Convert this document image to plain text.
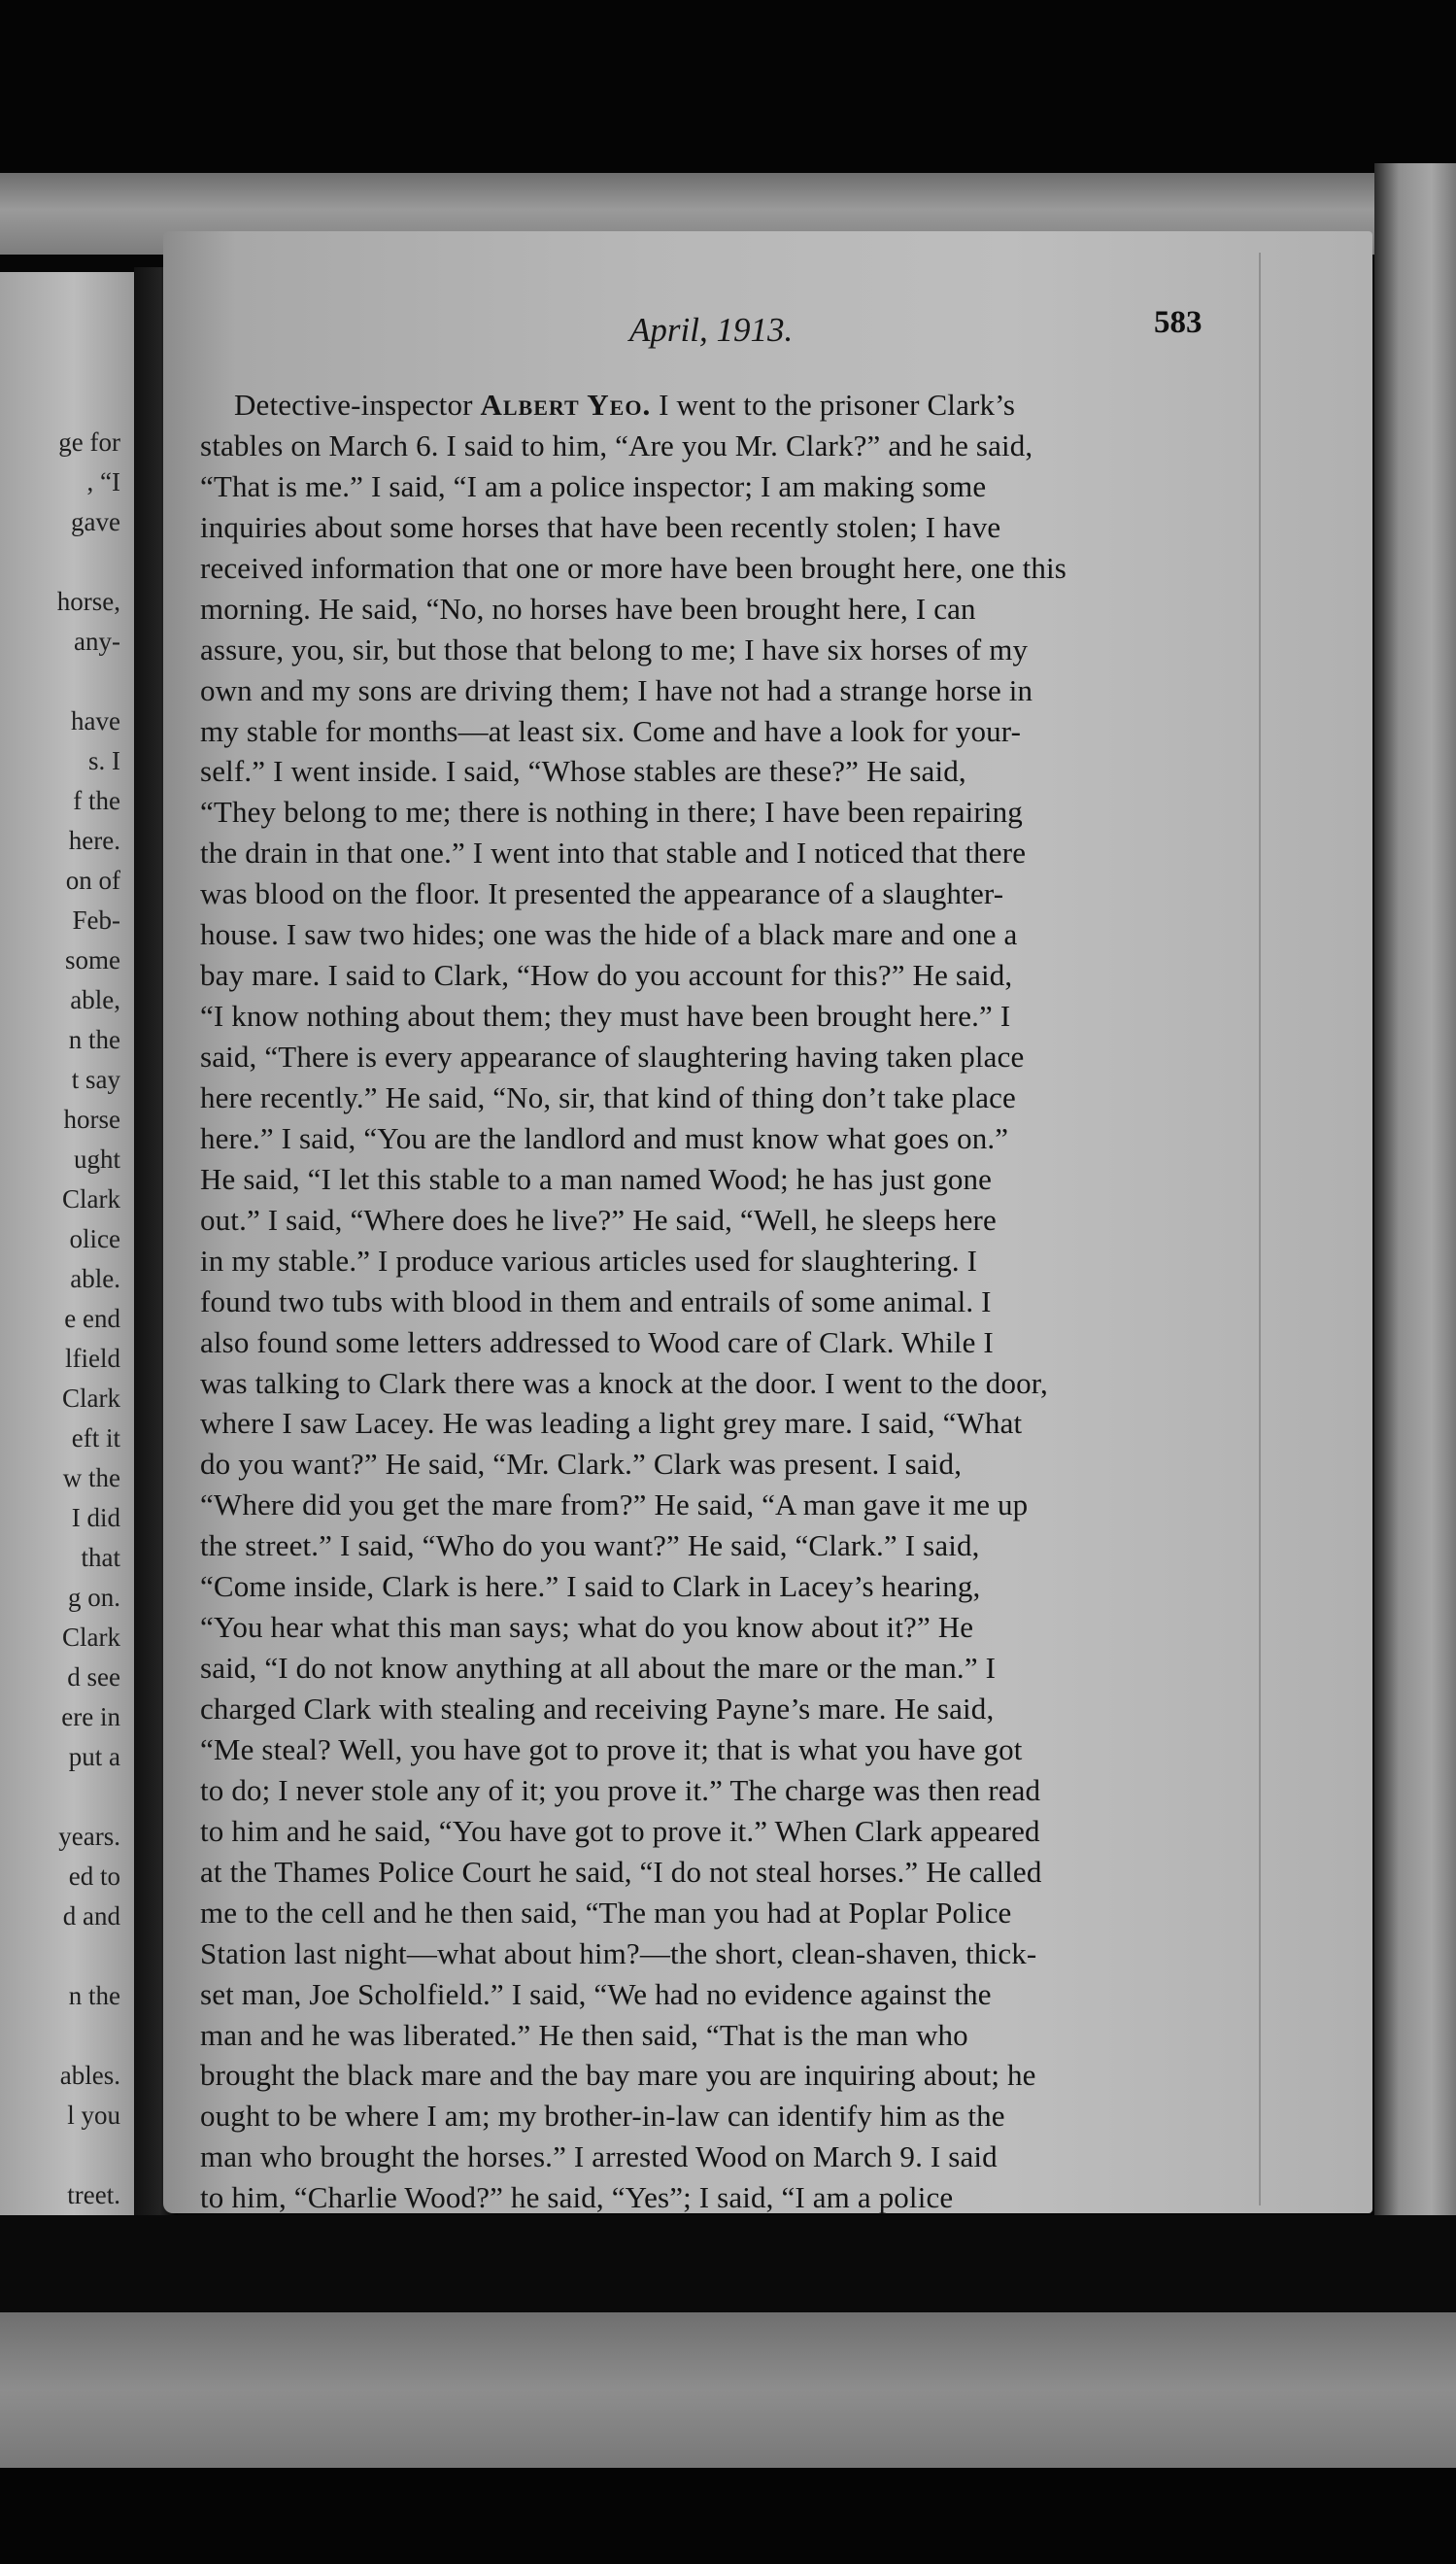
ge for
, “I
gave
horse,
any-
have
s. I
f the
here.
on of
Feb-
some
able,
n the
t say
horse
ught
Clark
olice
able.
e end
lfield
Clark
eft it
w the
I did
that
g on.
Clark
d see
ere in
put a
years.
ed to
d and
n the
ables.
l you
treet.
April, 1913.	583
Detective-inspector Albert Yeo. I went to the prisoner Clark’s
stables on March 6. I said to him, “Are you Mr. Clark?” and he said,
“That is me.” I said, “I am a police inspector; I am making some
inquiries about some horses that have been recently stolen; I have
received information that one or more have been brought here, one this
morning. He said, “No, no horses have been brought here, I can
assure, you, sir, but those that belong to me; I have six horses of my
own and my sons are driving them; I have not had a strange horse in
my stable for months—at least six. Come and have a look for your-
self.” I went inside. I said, “Whose stables are these?” He said,
“They belong to me; there is nothing in there; I have been repairing
the drain in that one.” I went into that stable and I noticed that there
was blood on the floor. It presented the appearance of a slaughter-
house. I saw two hides; one was the hide of a black mare and one a
bay mare. I said to Clark, “How do you account for this?” He said,
“I know nothing about them; they must have been brought here.” I
said, “There is every appearance of slaughtering having taken place
here recently.” He said, “No, sir, that kind of thing don’t take place
here.” I said, “You are the landlord and must know what goes on.”
He said, “I let this stable to a man named Wood; he has just gone
out.” I said, “Where does he live?” He said, “Well, he sleeps here
in my stable.” I produce various articles used for slaughtering. I
found two tubs with blood in them and entrails of some animal. I
also found some letters addressed to Wood care of Clark. While I
was talking to Clark there was a knock at the door. I went to the door,
where I saw Lacey. He was leading a light grey mare. I said, “What
do you want?” He said, “Mr. Clark.” Clark was present. I said,
“Where did you get the mare from?” He said, “A man gave it me up
the street.” I said, “Who do you want?” He said, “Clark.” I said,
“Come inside, Clark is here.” I said to Clark in Lacey’s hearing,
“You hear what this man says; what do you know about it?” He
said, “I do not know anything at all about the mare or the man.” I
charged Clark with stealing and receiving Payne’s mare. He said,
“Me steal? Well, you have got to prove it; that is what you have got
to do; I never stole any of it; you prove it.” The charge was then read
to him and he said, “You have got to prove it.” When Clark appeared
at the Thames Police Court he said, “I do not steal horses.” He called
me to the cell and he then said, “The man you had at Poplar Police
Station last night—what about him?—the short, clean-shaven, thick-
set man, Joe Scholfield.” I said, “We had no evidence against the
man and he was liberated.” He then said, “That is the man who
brought the black mare and the bay mare you are inquiring about; he
ought to be where I am; my brother-in-law can identify him as the
man who brought the horses.” I arrested Wood on March 9. I said
to him, “Charlie Wood?” he said, “Yes”; I said, “I am a police
